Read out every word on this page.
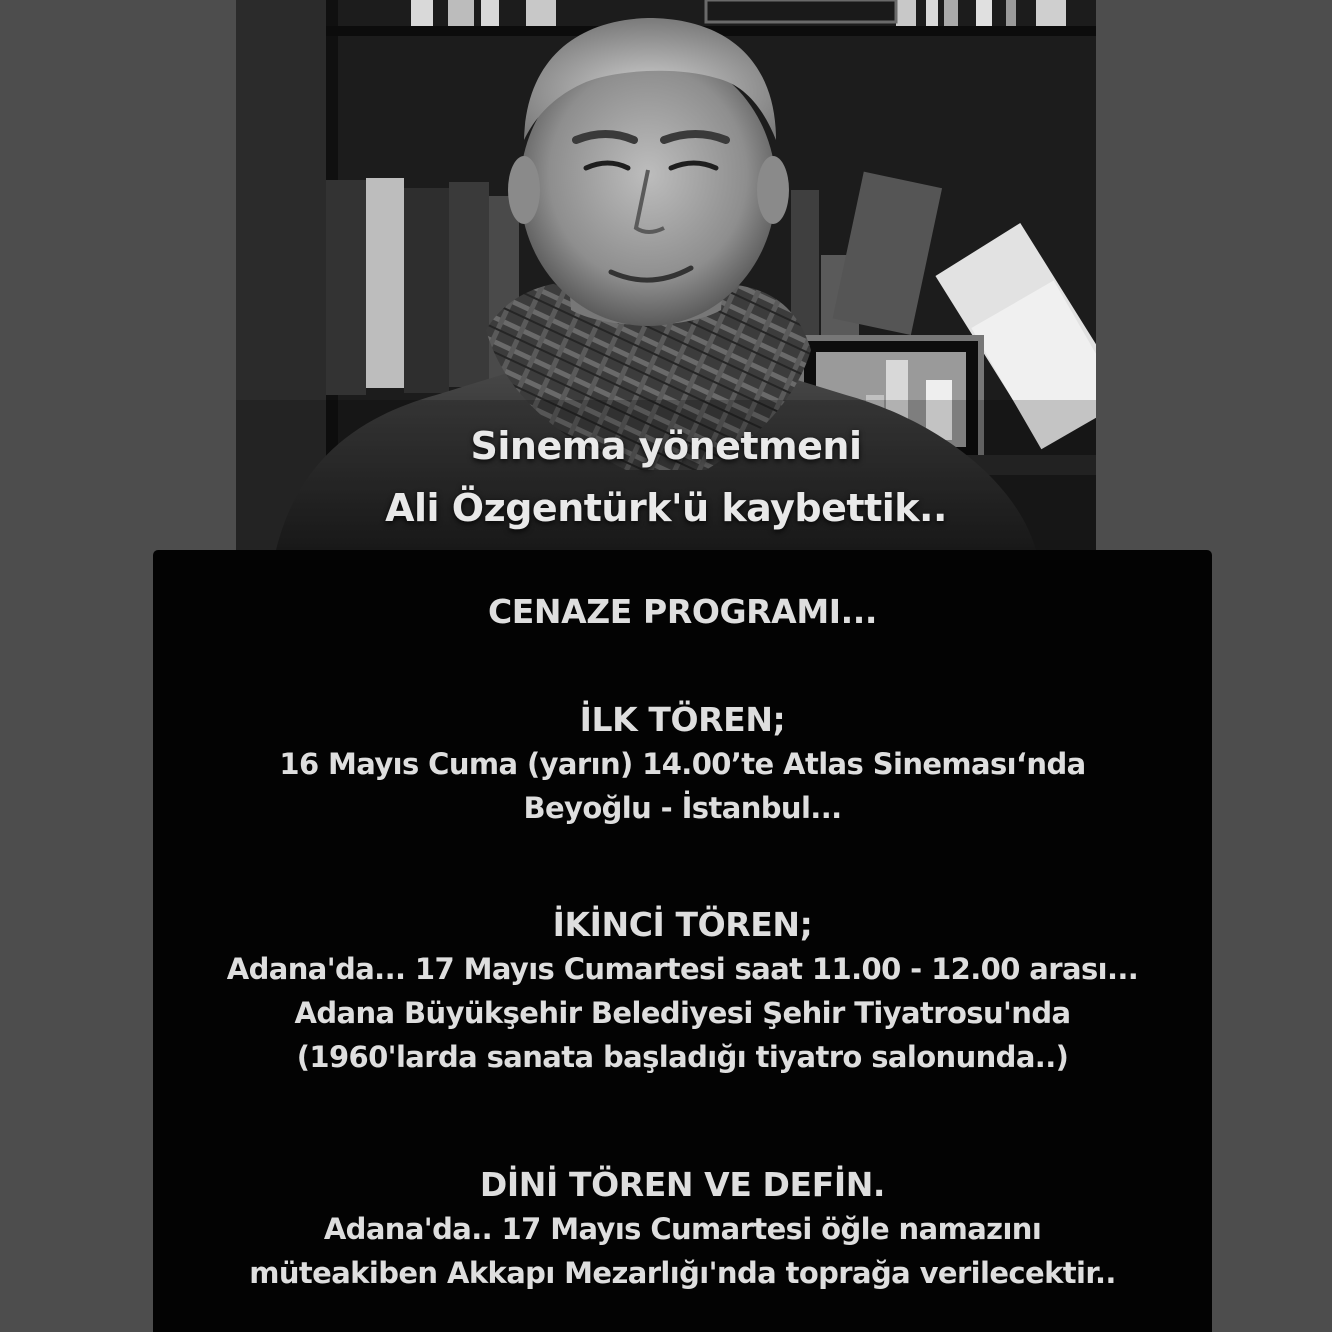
Sinema yönetmeni
Ali Özgentürk'ü kaybettik..
CENAZE PROGRAMI...
İLK TÖREN;
16 Mayıs Cuma (yarın) 14.00’te Atlas Sineması‘nda
Beyoğlu - İstanbul...
İKİNCİ TÖREN;
Adana'da... 17 Mayıs Cumartesi saat 11.00 - 12.00 arası...
Adana Büyükşehir Belediyesi Şehir Tiyatrosu'nda
(1960'larda sanata başladığı tiyatro salonunda..)
DİNİ TÖREN VE DEFİN.
Adana'da.. 17 Mayıs Cumartesi öğle namazını
müteakiben Akkapı Mezarlığı'nda toprağa verilecektir..
